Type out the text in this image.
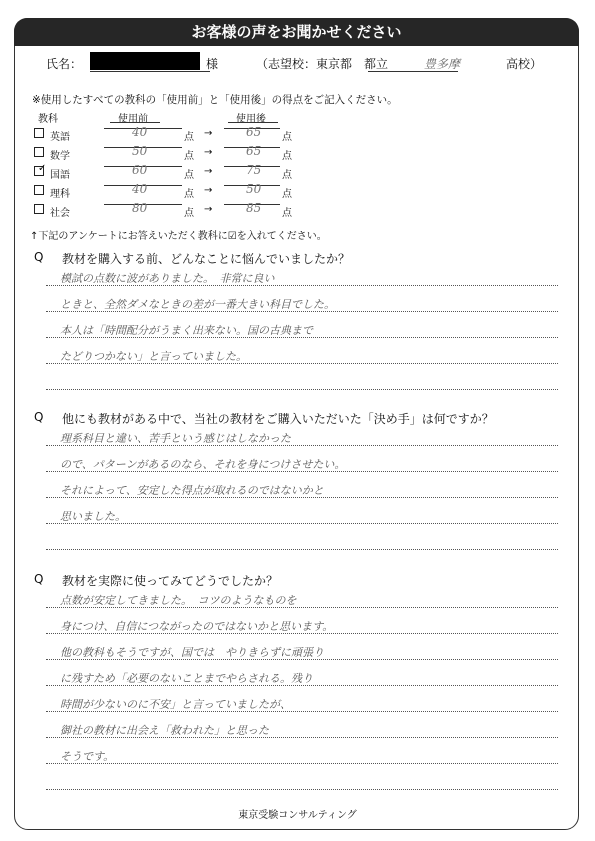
お客様の声をお聞かせください
氏名：	様	（志望校：東京都　都立	豊多摩	高校）
※使用したすべての教科の「使用前」と「使用後」の得点をご記入ください。
教科	使用前	使用後
英語	40	点 →	65 点
数学	50	点 →	65 点
✓
国語	60	点 →	75 点
理科	40	点 →	50 点
社会	80	点 →	85 点
↑下記のアンケートにお答えいただく教科に☑を入れてください。
Q 教材を購入する前、どんなことに悩んでいましたか？
模試の点数に波がありました。　非常に良い
ときと、全然ダメなときの差が一番大きい科目でした。
本人は「時間配分がうまく出来ない。国の古典まで
たどりつかない」と言っていました。
Q 他にも教材がある中で、当社の教材をご購入いただいた「決め手」は何ですか？
理系科目と違い、苦手という感じはしなかった
ので、パターンがあるのなら、それを身につけさせたい。
それによって、安定した得点が取れるのではないかと
思いました。
Q 教材を実際に使ってみてどうでしたか？
点数が安定してきました。　コツのようなものを
身につけ、自信につながったのではないかと思います。
他の教科もそうですが、国では　やりきらずに頑張り
に残すため「必要のないことまでやらされる。残り
時間が少ないのに不安」と言っていましたが、
御社の教材に出会え「救われた」と思った
そうです。
東京受験コンサルティング
